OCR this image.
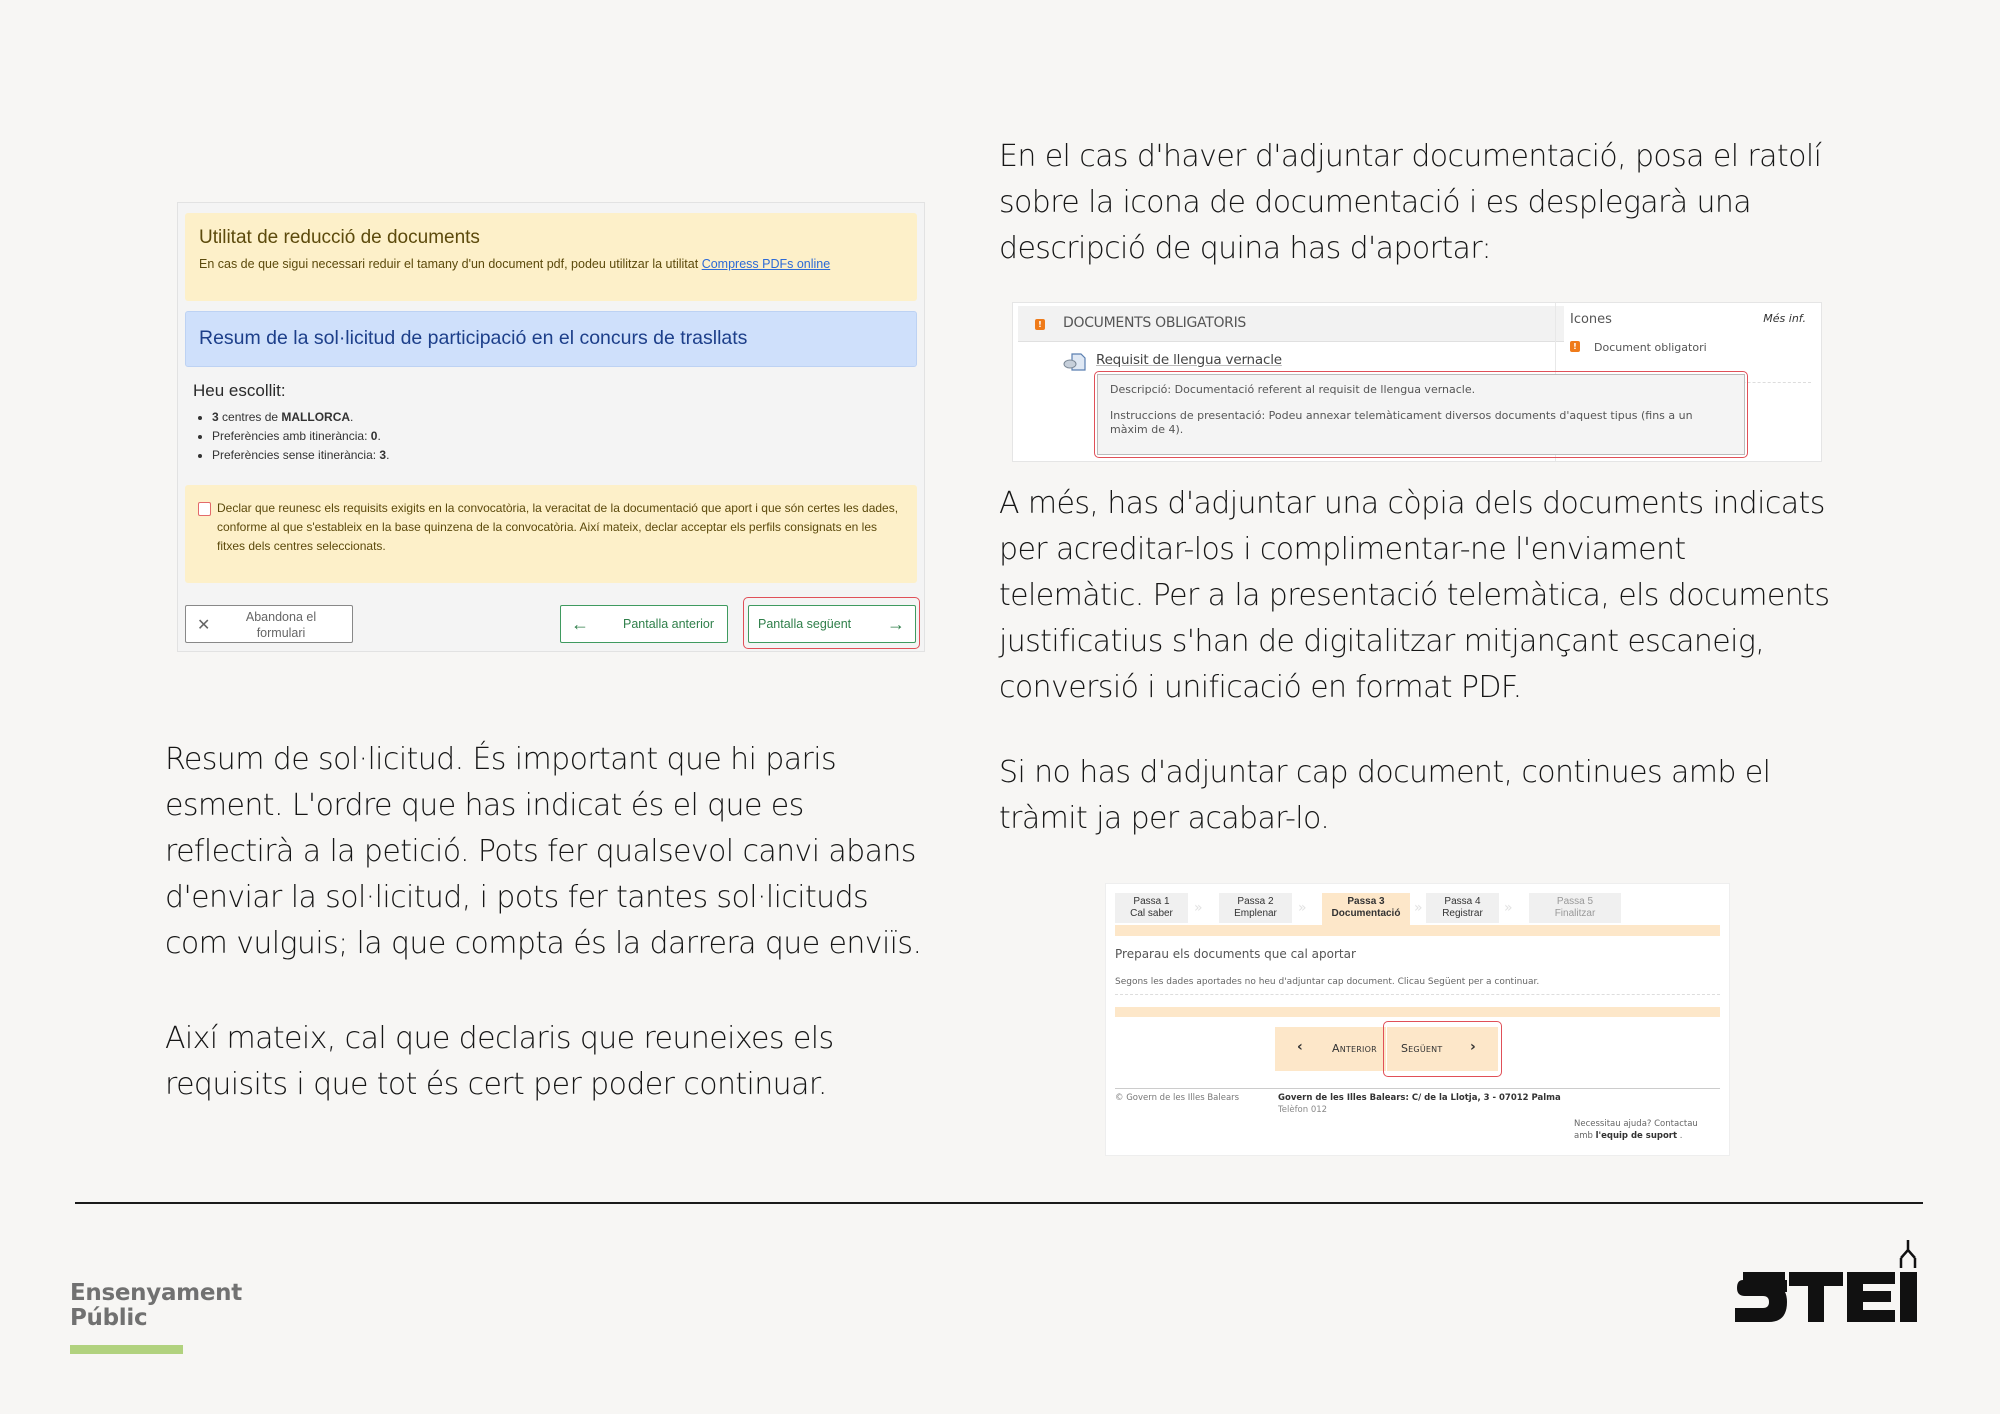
Resum de sol·licitud. És important que hi paris
esment. L'ordre que has indicat és el que es
reflectirà a la petició. Pots fer qualsevol canvi abans
d'enviar la sol·licitud, i pots fer tantes sol·licituds
com vulguis; la que compta és la darrera que enviïs.
Així mateix, cal que declaris que reuneixes els
requisits i que tot és cert per poder continuar.
En el cas d'haver d'adjuntar documentació, posa el ratolí
sobre la icona de documentació i es desplegarà una
descripció de quina has d'aportar:
A més, has d'adjuntar una còpia dels documents indicats
per acreditar-los i complimentar-ne l'enviament
telemàtic. Per a la presentació telemàtica, els documents
justificatius s'han de digitalitzar mitjançant escaneig,
conversió i unificació en format PDF.
Si no has d'adjuntar cap document, continues amb el
tràmit ja per acabar-lo.
Utilitat de reducció de documents
En cas de que sigui necessari reduir el tamany d'un document pdf, podeu utilitzar la utilitat Compress PDFs online
Resum de la sol·licitud de participació en el concurs de trasllats
Heu escollit:
• 3 centres de MALLORCA.
• Preferències amb itinerància: 0.
• Preferències sense itinerància: 3.
Declar que reunesc els requisits exigits en la convocatòria, la veracitat de la documentació que aport i que són certes les dades, conforme al que s'estableix en la base quinzena de la convocatòria. Així mateix, declar acceptar els perfils consignats en les fitxes dels centres seleccionats.
✕	Abandona el formulari	←	Pantalla anterior	Pantalla següent →
! DOCUMENTS OBLIGATORIS
Requisit de llengua vernacle
Icones	Més inf.
! Document obligatori

Descripció: Documentació referent al requisit de llengua vernacle.

Instruccions de presentació: Podeu annexar telemàticament diversos documents d'aquest tipus (fins a un màxim de 4).

Passa 1
Cal saber	»	Passa 2
Emplenar	»	Passa 3
Documentació »	Passa 4
Registrar	»	Passa 5
Finalitzar
Preparau els documents que cal aportar
Segons les dades aportades no heu d'adjuntar cap document. Clicau Següent per a continuar.
‹	Anterior Següent ›
© Govern de les Illes Balears	Govern de les Illes Balears: C/ de la Llotja, 3 - 07012 Palma
Telèfon 012
Necessitau ajuda? Contactau
amb l'equip de suport .
Ensenyament
Públic
